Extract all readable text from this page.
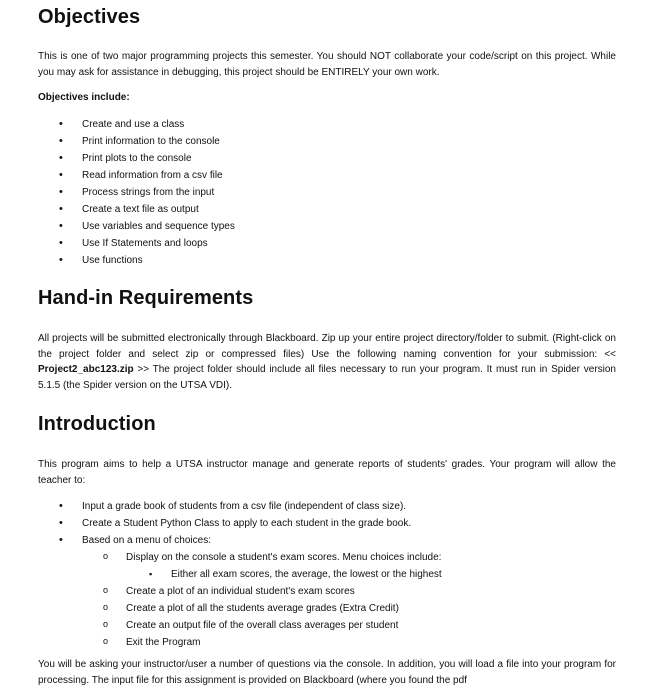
Objectives

This is one of two major programming projects this semester. You should NOT collaborate your code/script on this project. While you may ask for assistance in debugging, this project should be ENTIRELY your own work.

Objectives include:
• Create and use a class
• Print information to the console
• Print plots to the console
• Read information from a csv file
• Process strings from the input
• Create a text file as output
• Use variables and sequence types
• Use If Statements and loops
• Use functions
Hand-in Requirements

All projects will be submitted electronically through Blackboard. Zip up your entire project directory/folder to submit. (Right-click on the project folder and select zip or compressed files) Use the following naming convention for your submission: << Project2_abc123.zip >> The project folder should include all files necessary to run your program. It must run in Spider version 5.1.5 (the Spider version on the UTSA VDI).

Introduction

This program aims to help a UTSA instructor manage and generate reports of students' grades. Your program will allow the teacher to:

• Input a grade book of students from a csv file (independent of class size).
• Create a Student Python Class to apply to each student in the grade book.
• Based on a menu of choices:
o Display on the console a student's exam scores. Menu choices include:
▪ Either all exam scores, the average, the lowest or the highest
o Create a plot of an individual student's exam scores
o Create a plot of all the students average grades (Extra Credit)
o Create an output file of the overall class averages per student
o Exit the Program

You will be asking your instructor/user a number of questions via the console. In addition, you will load a file into your program for processing. The input file for this assignment is provided on Blackboard (where you found the pdf
